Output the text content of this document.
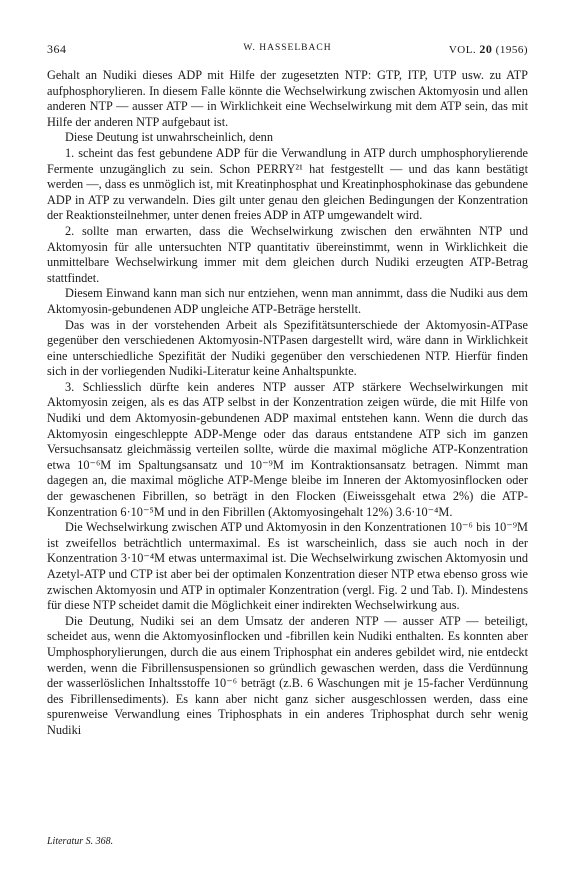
364	W. HASSELBACH	VOL. 20 (1956)

Gehalt an Nudiki dieses ADP mit Hilfe der zugesetzten NTP: GTP, ITP, UTP usw. zu ATP aufphosphorylieren. In diesem Falle könnte die Wechselwirkung zwischen Aktomyosin und allen anderen NTP — ausser ATP — in Wirklichkeit eine Wechselwirkung mit dem ATP sein, das mit Hilfe der anderen NTP aufgebaut ist.

Diese Deutung ist unwahrscheinlich, denn

1. scheint das fest gebundene ADP für die Verwandlung in ATP durch umphosphorylierende Fermente unzugänglich zu sein. Schon PERRY²¹ hat festgestellt — und das kann bestätigt werden —, dass es unmöglich ist, mit Kreatinphosphat und Kreatinphosphokinase das gebundene ADP in ATP zu verwandeln. Dies gilt unter genau den gleichen Bedingungen der Konzentration der Reaktionsteilnehmer, unter denen freies ADP in ATP umgewandelt wird.

2. sollte man erwarten, dass die Wechselwirkung zwischen den erwähnten NTP und Aktomyosin für alle untersuchten NTP quantitativ übereinstimmt, wenn in Wirklichkeit die unmittelbare Wechselwirkung immer mit dem gleichen durch Nudiki erzeugten ATP-Betrag stattfindet.

Diesem Einwand kann man sich nur entziehen, wenn man annimmt, dass die Nudiki aus dem Aktomyosin-gebundenen ADP ungleiche ATP-Beträge herstellt.

Das was in der vorstehenden Arbeit als Spezifitätsunterschiede der Aktomyosin-ATPase gegenüber den verschiedenen Aktomyosin-NTPasen dargestellt wird, wäre dann in Wirklichkeit eine unterschiedliche Spezifität der Nudiki gegenüber den verschiedenen NTP. Hierfür finden sich in der vorliegenden Nudiki-Literatur keine Anhaltspunkte.

3. Schliesslich dürfte kein anderes NTP ausser ATP stärkere Wechselwirkungen mit Aktomyosin zeigen, als es das ATP selbst in der Konzentration zeigen würde, die mit Hilfe von Nudiki und dem Aktomyosin-gebundenen ADP maximal entstehen kann. Wenn die durch das Aktomyosin eingeschleppte ADP-Menge oder das daraus entstandene ATP sich im ganzen Versuchsansatz gleichmässig verteilen sollte, würde die maximal mögliche ATP-Konzentration etwa 10⁻⁶M im Spaltungsansatz und 10⁻⁹M im Kontraktionsansatz betragen. Nimmt man dagegen an, die maximal mögliche ATP-Menge bleibe im Inneren der Aktomyosinflocken oder der gewaschenen Fibrillen, so beträgt in den Flocken (Eiweissgehalt etwa 2%) die ATP-Konzentration 6·10⁻⁵M und in den Fibrillen (Aktomyosingehalt 12%) 3.6·10⁻⁴M.

Die Wechselwirkung zwischen ATP und Aktomyosin in den Konzentrationen 10⁻⁶ bis 10⁻⁹M ist zweifellos beträchtlich untermaximal. Es ist warscheinlich, dass sie auch noch in der Konzentration 3·10⁻⁴M etwas untermaximal ist. Die Wechselwirkung zwischen Aktomyosin und Azetyl-ATP und CTP ist aber bei der optimalen Konzentration dieser NTP etwa ebenso gross wie zwischen Aktomyosin und ATP in optimaler Konzentration (vergl. Fig. 2 und Tab. I). Mindestens für diese NTP scheidet damit die Möglichkeit einer indirekten Wechselwirkung aus.

Die Deutung, Nudiki sei an dem Umsatz der anderen NTP — ausser ATP — beteiligt, scheidet aus, wenn die Aktomyosinflocken und -fibrillen kein Nudiki enthalten. Es konnten aber Umphosphorylierungen, durch die aus einem Triphosphat ein anderes gebildet wird, nie entdeckt werden, wenn die Fibrillensuspensionen so gründlich gewaschen werden, dass die Verdünnung der wasserlöslichen Inhaltsstoffe 10⁻⁶ beträgt (z.B. 6 Waschungen mit je 15-facher Verdünnung des Fibrillensediments). Es kann aber nicht ganz sicher ausgeschlossen werden, dass eine spurenweise Verwandlung eines Triphosphats in ein anderes Triphosphat durch sehr wenig Nudiki

Literatur S. 368.
